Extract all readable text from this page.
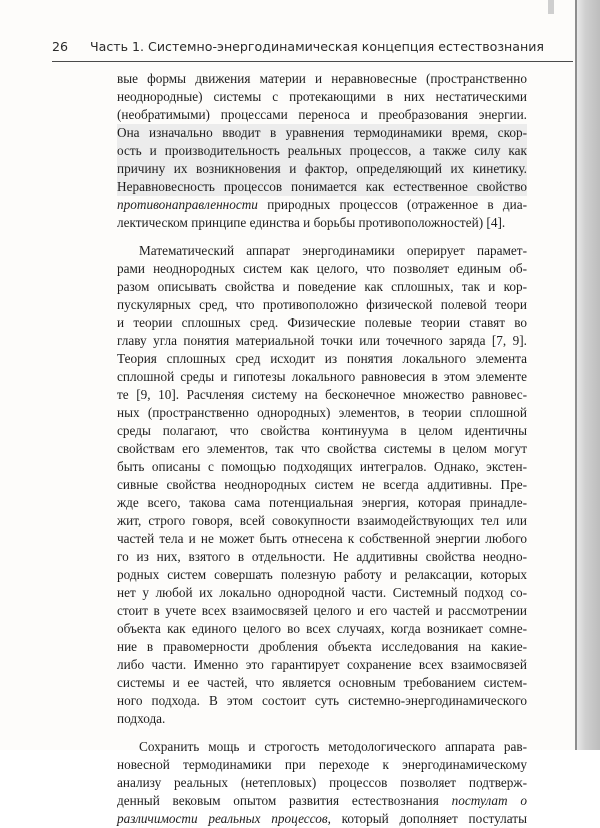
26 Часть 1. Системно-энергодинамическая концепция естествознания
вые формы движения материи и неравновесные (пространственно
неоднородные) системы с протекающими в них нестатическими
(необратимыми) процессами переноса и преобразования энергии.
Она изначально вводит в уравнения термодинамики время, скор-
ость и производительность реальных процессов, а также силу как
причину их возникновения и фактор, определяющий их кинетику.
Неравновесность процессов понимается как естественное свойство
противонаправленности природных процессов (отраженное в диа-
лектическом принципе единства и борьбы противоположностей) [4].
Математический аппарат энергодинамики оперирует парамет-
рами неоднородных систем как целого, что позволяет единым об-
разом описывать свойства и поведение как сплошных, так и кор-
пускулярных сред, что противоположно физической полевой теори
и теории сплошных сред. Физические полевые теории ставят во
главу угла понятия материальной точки или точечного заряда [7, 9].
Теория сплошных сред исходит из понятия локального элемента
сплошной среды и гипотезы локального равновесия в этом элементе
те [9, 10]. Расчленяя систему на бесконечное множество равновес-
ных (пространственно однородных) элементов, в теории сплошной
среды полагают, что свойства континуума в целом идентичны
свойствам его элементов, так что свойства системы в целом могут
быть описаны с помощью подходящих интегралов. Однако, экстен-
сивные свойства неоднородных систем не всегда аддитивны. Пре-
жде всего, такова сама потенциальная энергия, которая принадле-
жит, строго говоря, всей совокупности взаимодействующих тел или
частей тела и не может быть отнесена к собственной энергии любого
го из них, взятого в отдельности. Не аддитивны свойства неодно-
родных систем совершать полезную работу и релаксации, которых
нет у любой их локально однородной части. Системный подход со-
стоит в учете всех взаимосвязей целого и его частей и рассмотрении
объекта как единого целого во всех случаях, когда возникает сомне-
ние в правомерности дробления объекта исследования на какие-
либо части. Именно это гарантирует сохранение всех взаимосвязей
системы и ее частей, что является основным требованием систем-
ного подхода. В этом состоит суть системно-энергодинамического
подхода.
Сохранить мощь и строгость методологического аппарата рав-
новесной термодинамики при переходе к энергодинамическому
анализу реальных (нетепловых) процессов позволяет подтверж-
денный вековым опытом развития естествознания постулат о
различимости реальных процессов, который дополняет постулаты
